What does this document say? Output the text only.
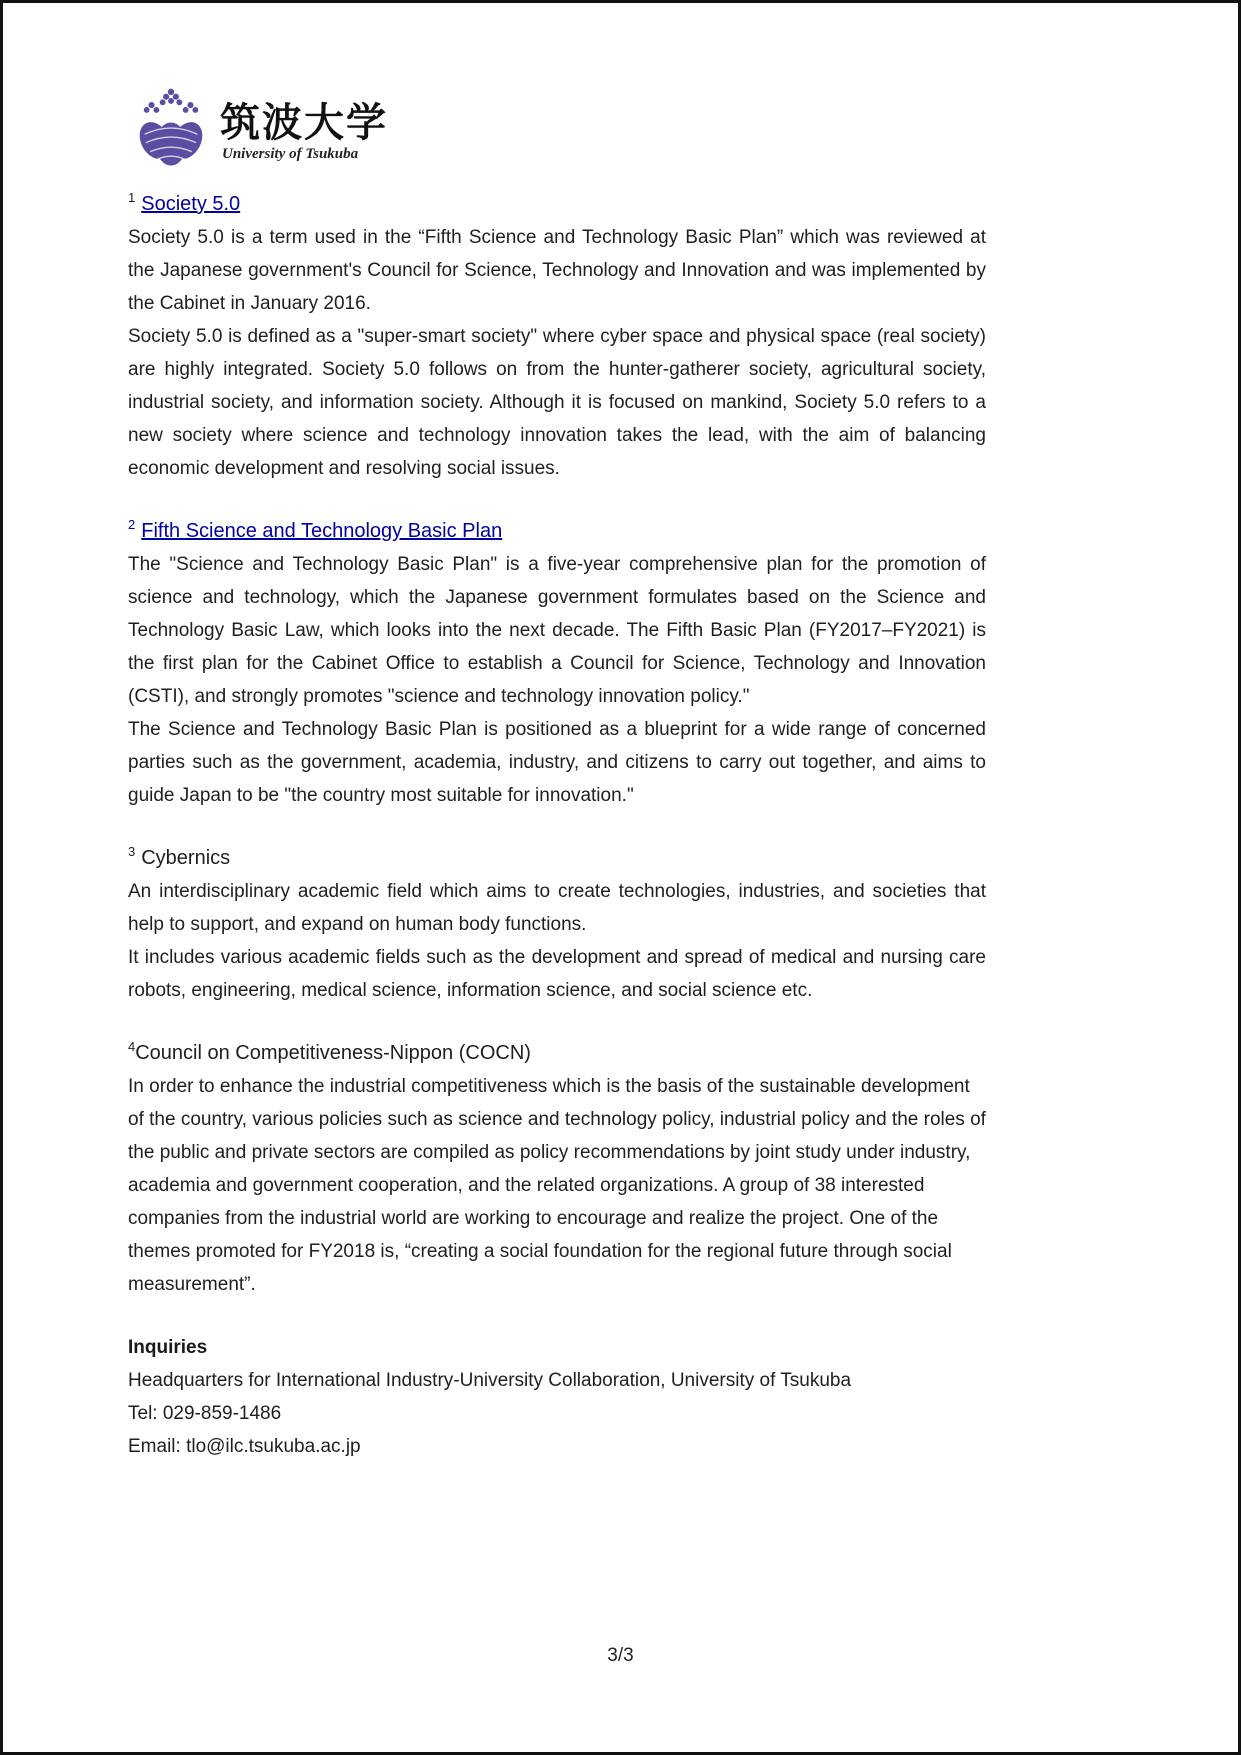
筑波大学
University of Tsukuba
$^1$ Society 5.0

Society 5.0 is a term used in the “Fifth Science and Technology Basic Plan” which was reviewed at the Japanese government's Council for Science, Technology and Innovation and was implemented by the Cabinet in January 2016.

Society 5.0 is defined as a "super-smart society" where cyber space and physical space (real society) are highly integrated. Society 5.0 follows on from the hunter-gatherer society, agricultural society, industrial society, and information society. Although it is focused on mankind, Society 5.0 refers to a new society where science and technology innovation takes the lead, with the aim of balancing economic development and resolving social issues.

$^2$ Fifth Science and Technology Basic Plan

The "Science and Technology Basic Plan" is a five-year comprehensive plan for the promotion of science and technology, which the Japanese government formulates based on the Science and Technology Basic Law, which looks into the next decade. The Fifth Basic Plan (FY2017–FY2021) is the first plan for the Cabinet Office to establish a Council for Science, Technology and Innovation (CSTI), and strongly promotes "science and technology innovation policy."

The Science and Technology Basic Plan is positioned as a blueprint for a wide range of concerned parties such as the government, academia, industry, and citizens to carry out together, and aims to guide Japan to be "the country most suitable for innovation."

$^3$ Cybernics

An interdisciplinary academic field which aims to create technologies, industries, and societies that help to support, and expand on human body functions.

It includes various academic fields such as the development and spread of medical and nursing care robots, engineering, medical science, information science, and social science etc.

$^4$Council on Competitiveness-Nippon (COCN)

In order to enhance the industrial competitiveness which is the basis of the sustainable development of the country, various policies such as science and technology policy, industrial policy and the roles of the public and private sectors are compiled as policy recommendations by joint study under industry, academia and government cooperation, and the related organizations. A group of 38 interested companies from the industrial world are working to encourage and realize the project. One of the themes promoted for FY2018 is, “creating a social foundation for the regional future through social measurement”.

Inquiries

Headquarters for International Industry-University Collaboration, University of Tsukuba

Tel: 029-859-1486

Email: tlo@ilc.tsukuba.ac.jp

3/3
